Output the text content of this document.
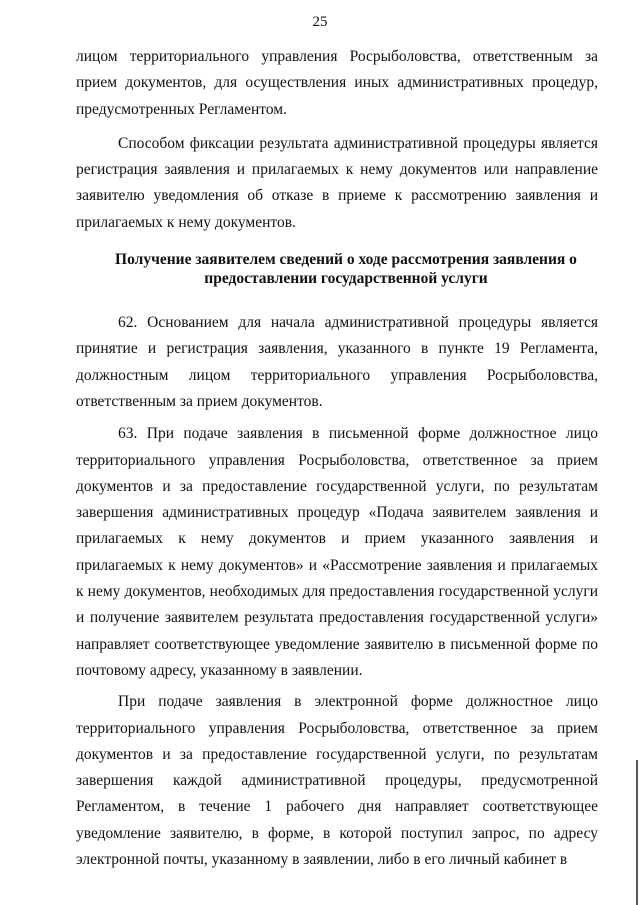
25

лицом территориального управления Росрыболовства, ответственным за прием документов, для осуществления иных административных процедур, предусмотренных Регламентом.

Способом фиксации результата административной процедуры является регистрация заявления и прилагаемых к нему документов или направление заявителю уведомления об отказе в приеме к рассмотрению заявления и прилагаемых к нему документов.

Получение заявителем сведений о ходе рассмотрения заявления о предоставлении государственной услуги

62. Основанием для начала административной процедуры является принятие и регистрация заявления, указанного в пункте 19 Регламента, должностным лицом территориального управления Росрыболовства, ответственным за прием документов.

63. При подаче заявления в письменной форме должностное лицо территориального управления Росрыболовства, ответственное за прием документов и за предоставление государственной услуги, по результатам завершения административных процедур «Подача заявителем заявления и прилагаемых к нему документов и прием указанного заявления и прилагаемых к нему документов» и «Рассмотрение заявления и прилагаемых к нему документов, необходимых для предоставления государственной услуги и получение заявителем результата предоставления государственной услуги» направляет соответствующее уведомление заявителю в письменной форме по почтовому адресу, указанному в заявлении.

При подаче заявления в электронной форме должностное лицо территориального управления Росрыболовства, ответственное за прием документов и за предоставление государственной услуги, по результатам завершения каждой административной процедуры, предусмотренной Регламентом, в течение 1 рабочего дня направляет соответствующее уведомление заявителю, в форме, в которой поступил запрос, по адресу электронной почты, указанному в заявлении, либо в его личный кабинет в
